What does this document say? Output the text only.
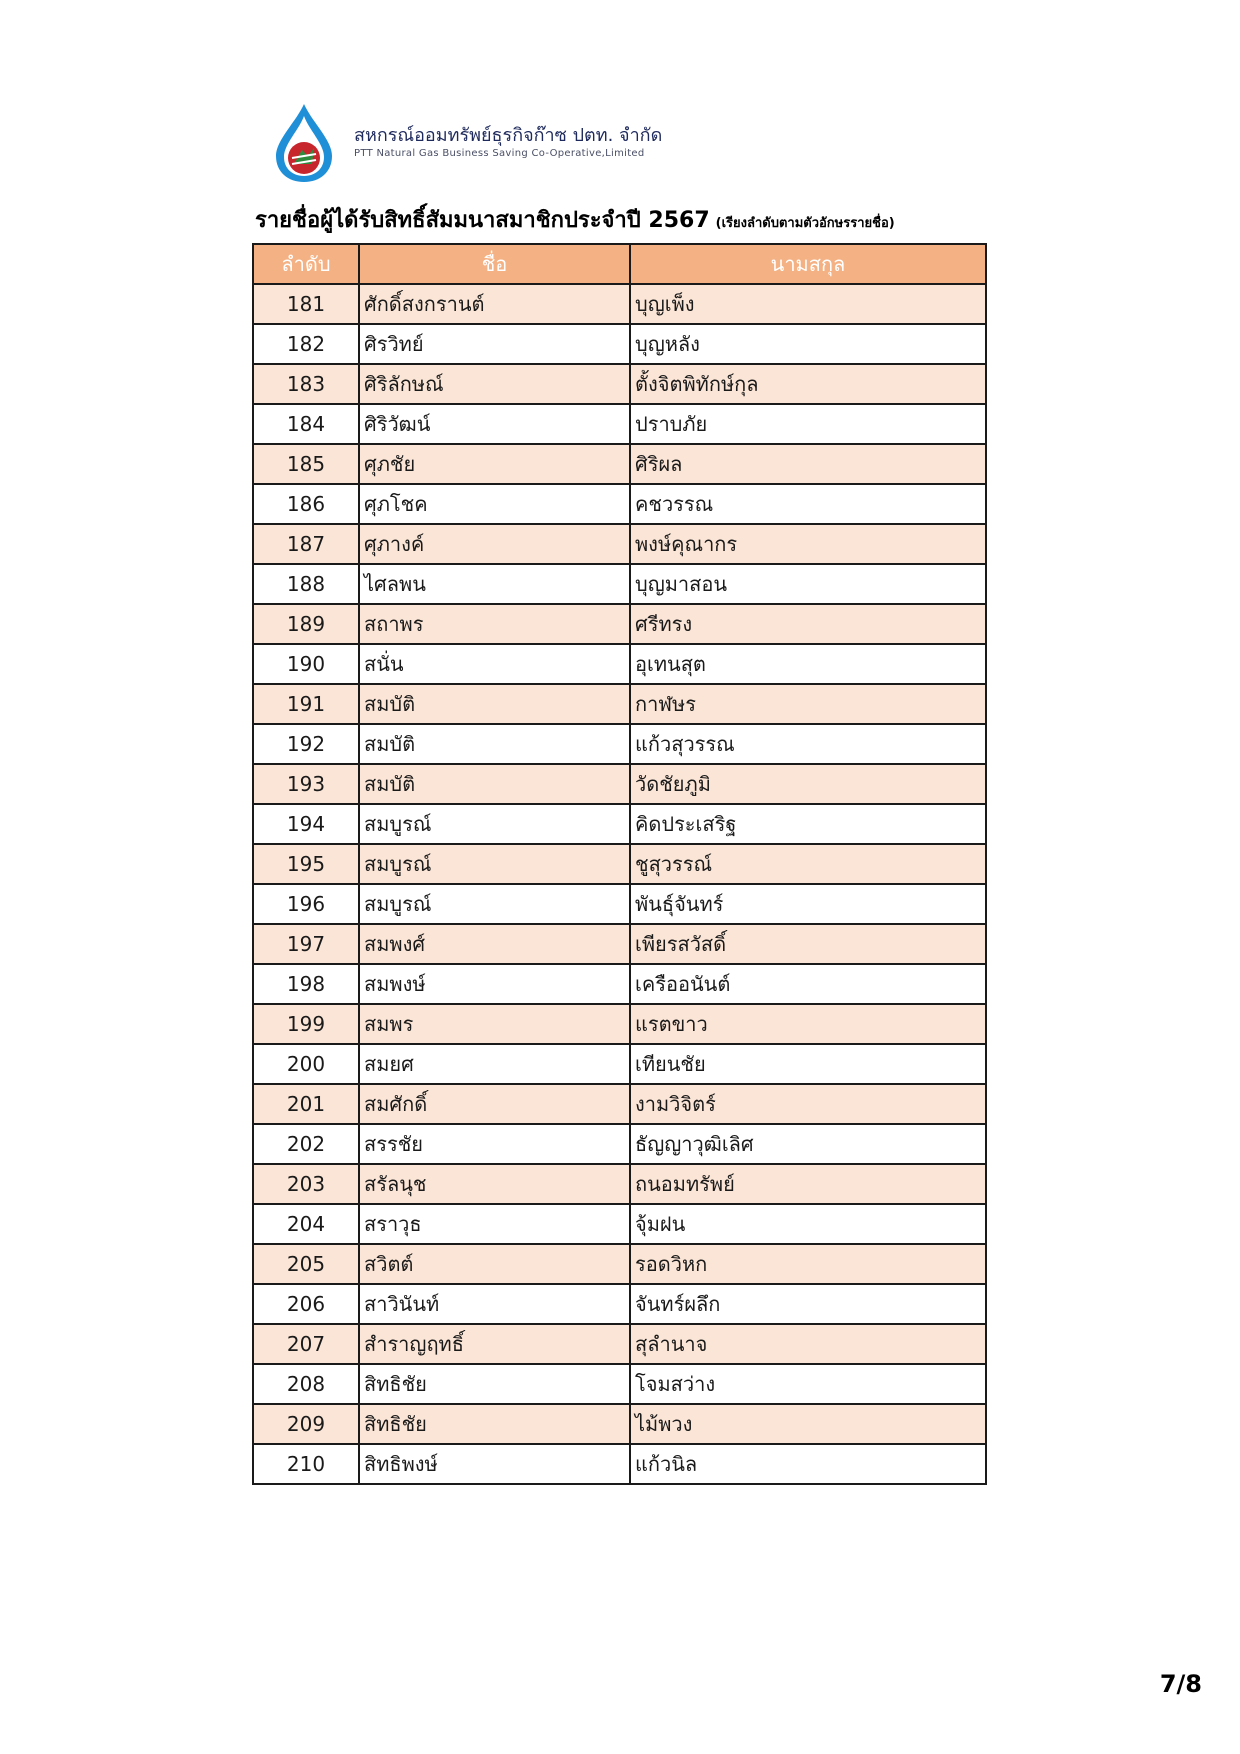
สหกรณ์ออมทรัพย์ธุรกิจก๊าซ ปตท. จำกัด
PTT Natural Gas Business Saving Co-Operative,Limited
รายชื่อผู้ได้รับสิทธิ์สัมมนาสมาชิกประจำปี 2567 (เรียงลำดับตามตัวอักษรรายชื่อ)
ลำดับ	ชื่อ	นามสกุล
181	ศักดิ์สงกรานต์	บุญเพ็ง
182	ศิรวิทย์	บุญหลัง
183	ศิริลักษณ์	ตั้งจิตพิทักษ์กุล
184	ศิริวัฒน์	ปราบภัย
185	ศุภชัย	ศิริผล
186	ศุภโชค	คชวรรณ
187	ศุภางค์	พงษ์คุณากร
188	ไศลพน	บุญมาสอน
189	สถาพร	ศรีทรง
190	สนั่น	อุเทนสุต
191	สมบัติ	กาฬษร
192	สมบัติ	แก้วสุวรรณ
193	สมบัติ	วัดชัยภูมิ
194	สมบูรณ์	คิดประเสริฐ
195	สมบูรณ์	ชูสุวรรณ์
196	สมบูรณ์	พันธุ์จันทร์
197	สมพงศ์	เพียรสวัสดิ์
198	สมพงษ์	เครืออนันต์
199	สมพร	แรตขาว
200	สมยศ	เทียนชัย
201	สมศักดิ์	งามวิจิตร์
202	สรรชัย	ธัญญาวุฒิเลิศ
203	สรัลนุช	ถนอมทรัพย์
204	สราวุธ	จุ้มฝน
205	สวิตต์	รอดวิหก
206	สาวินันท์	จันทร์ผลึก
207	สำราญฤทธิ์	สุลำนาจ
208	สิทธิชัย	โจมสว่าง
209	สิทธิชัย	ไม้พวง
210	สิทธิพงษ์	แก้วนิล
7/8
